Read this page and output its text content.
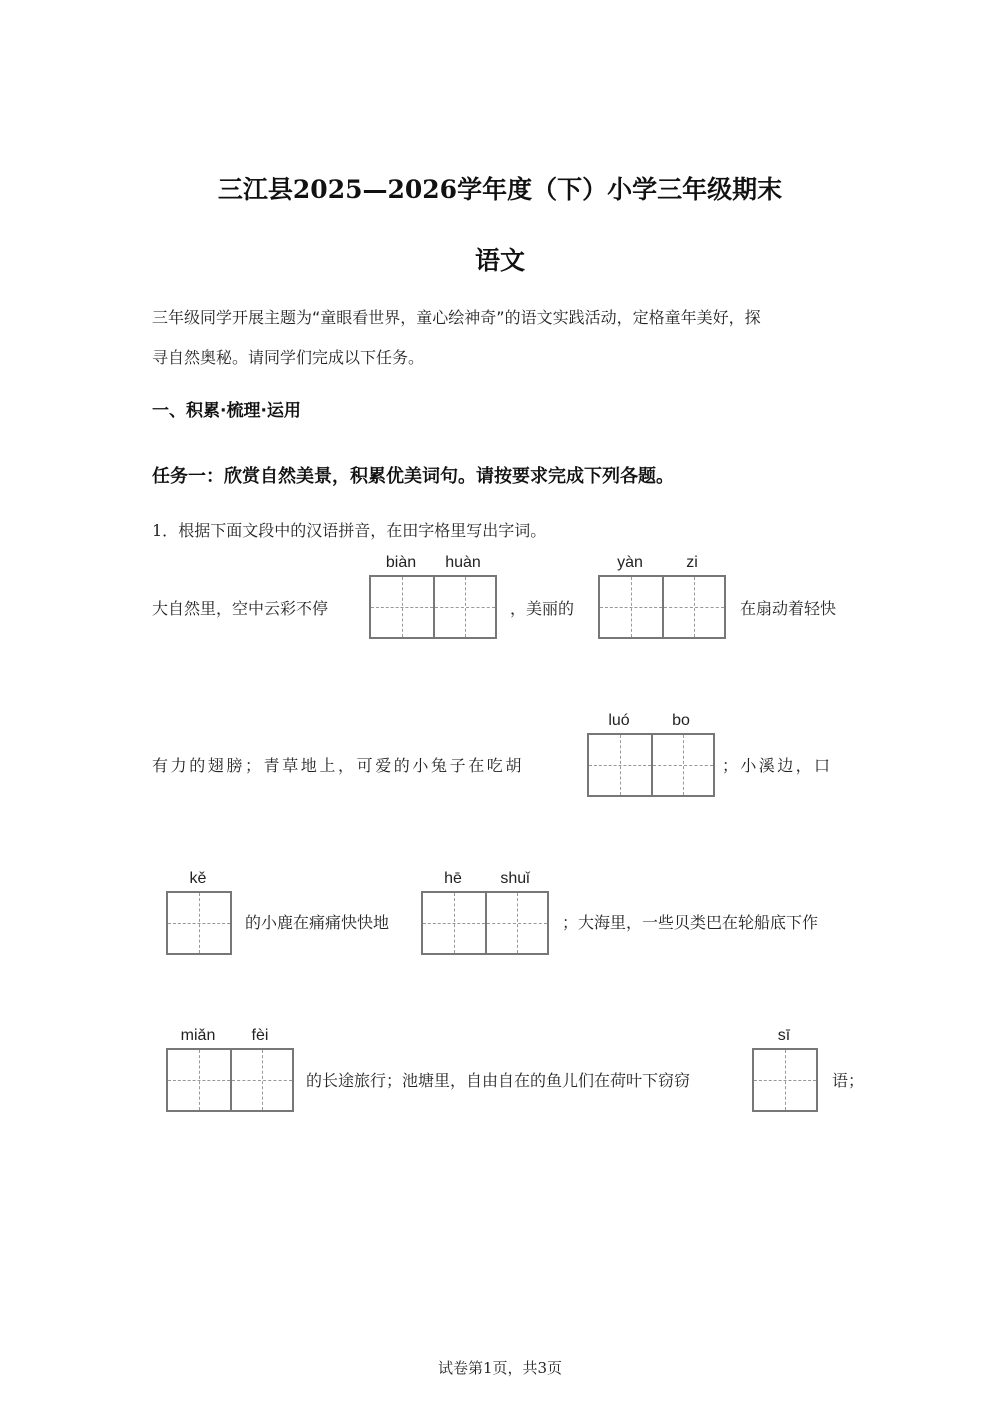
三江县2025—2026学年度（下）小学三年级期末
语文
三年级同学开展主题为“童眼看世界，童心绘神奇”的语文实践活动，定格童年美好，探
寻自然奥秘。请同学们完成以下任务。
一、积累·梳理·运用
任务一：欣赏自然美景，积累优美词句。请按要求完成下列各题。
1．根据下面文段中的汉语拼音，在田字格里写出字词。
大自然里，空中云彩不停
biàn	huàn
，美丽的
yàn	zi
在扇动着轻快
有力的翅膀；青草地上，可爱的小兔子在吃胡
luó	bo
；小溪边，口
kě
的小鹿在痛痛快快地
hē	shuǐ
；大海里，一些贝类巴在轮船底下作
miǎn	fèi
的长途旅行；池塘里，自由自在的鱼儿们在荷叶下窃窃
sī
语；
试卷第1页，共3页
